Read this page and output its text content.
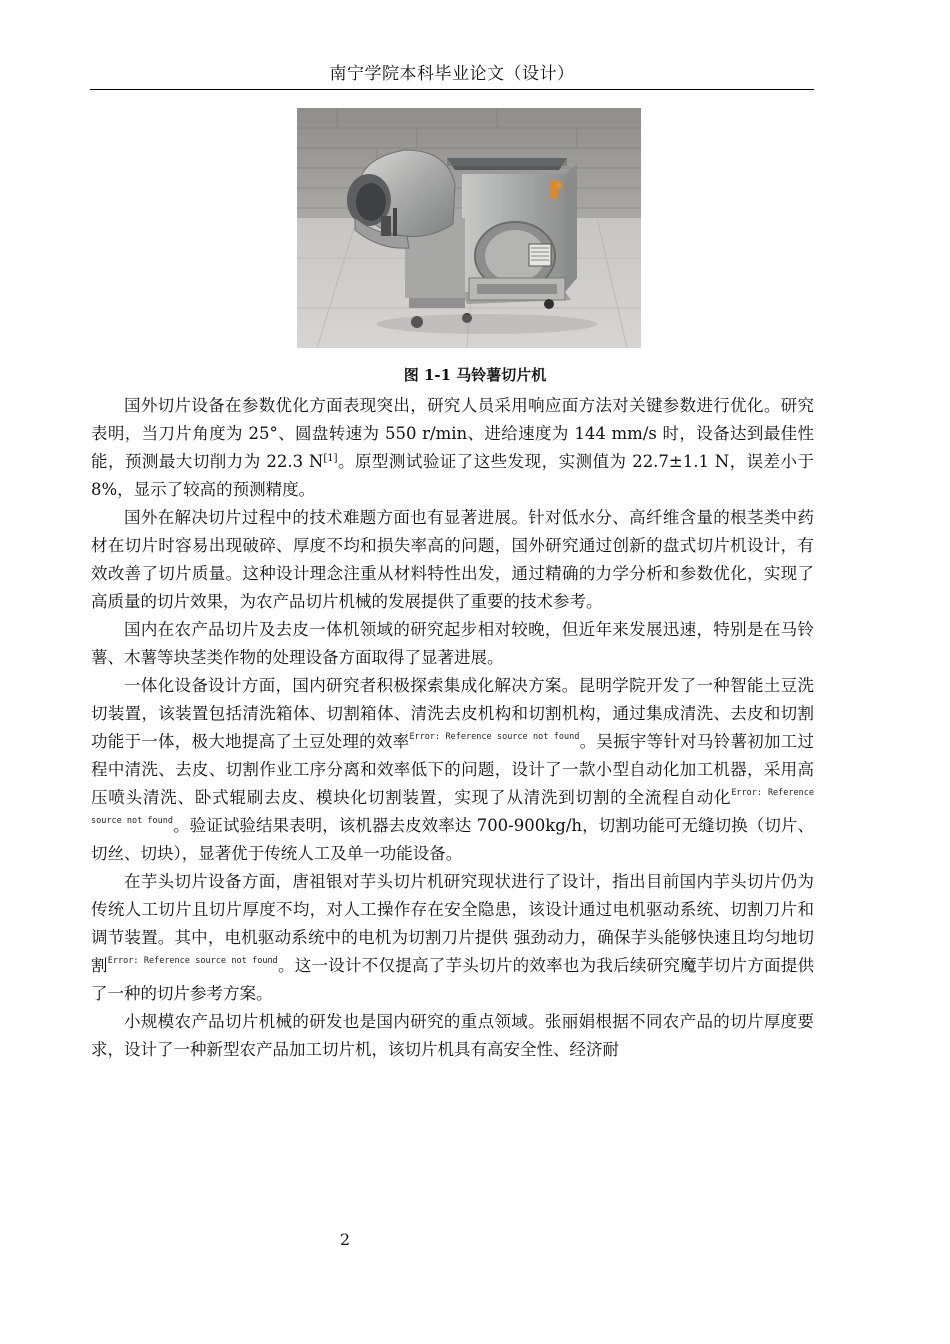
南宁学院本科毕业论文（设计）
图 1-1 马铃薯切片机

国外切片设备在参数优化方面表现突出，研究人员采用响应面方法对关键参数进行优化。研究表明，当刀片角度为 25°、圆盘转速为 550 r/min、进给速度为 144 mm/s 时，设备达到最佳性能，预测最大切削力为 22.3 N[1]。原型测试验证了这些发现，实测值为 22.7±1.1 N，误差小于 8%，显示了较高的预测精度。

国外在解决切片过程中的技术难题方面也有显著进展。针对低水分、高纤维含量的根茎类中药材在切片时容易出现破碎、厚度不均和损失率高的问题，国外研究通过创新的盘式切片机设计，有效改善了切片质量。这种设计理念注重从材料特性出发，通过精确的力学分析和参数优化，实现了高质量的切片效果，为农产品切片机械的发展提供了重要的技术参考。

国内在农产品切片及去皮一体机领域的研究起步相对较晚，但近年来发展迅速，特别是在马铃薯、木薯等块茎类作物的处理设备方面取得了显著进展。

一体化设备设计方面，国内研究者积极探索集成化解决方案。昆明学院开发了一种智能土豆洗切装置，该装置包括清洗箱体、切割箱体、清洗去皮机构和切割机构，通过集成清洗、去皮和切割功能于一体，极大地提高了土豆处理的效率$^{Error: Reference source not found}$。吴振宇等针对马铃薯初加工过程中清洗、去皮、切割作业工序分离和效率低下的问题，设计了一款小型自动化加工机器，采用高压喷头清洗、卧式辊刷去皮、模块化切割装置，实现了从清洗到切割的全流程自动化$^{Error: Reference source not found}$。验证试验结果表明，该机器去皮效率达 700-900kg/h，切割功能可无缝切换（切片、切丝、切块），显著优于传统人工及单一功能设备。

在芋头切片设备方面，唐祖银对芋头切片机研究现状进行了设计，指出目前国内芋头切片仍为传统人工切片且切片厚度不均，对人工操作存在安全隐患，该设计通过电机驱动系统、切割刀片和调节装置。其中，电机驱动系统中的电机为切割刀片提供 强劲动力，确保芋头能够快速且均匀地切割$^{Error: Reference source not found}$。这一设计不仅提高了芋头切片的效率也为我后续研究魔芋切片方面提供了一种的切片参考方案。

小规模农产品切片机械的研发也是国内研究的重点领域。张丽娟根据不同农产品的切片厚度要求，设计了一种新型农产品加工切片机，该切片机具有高安全性、经济耐

2
